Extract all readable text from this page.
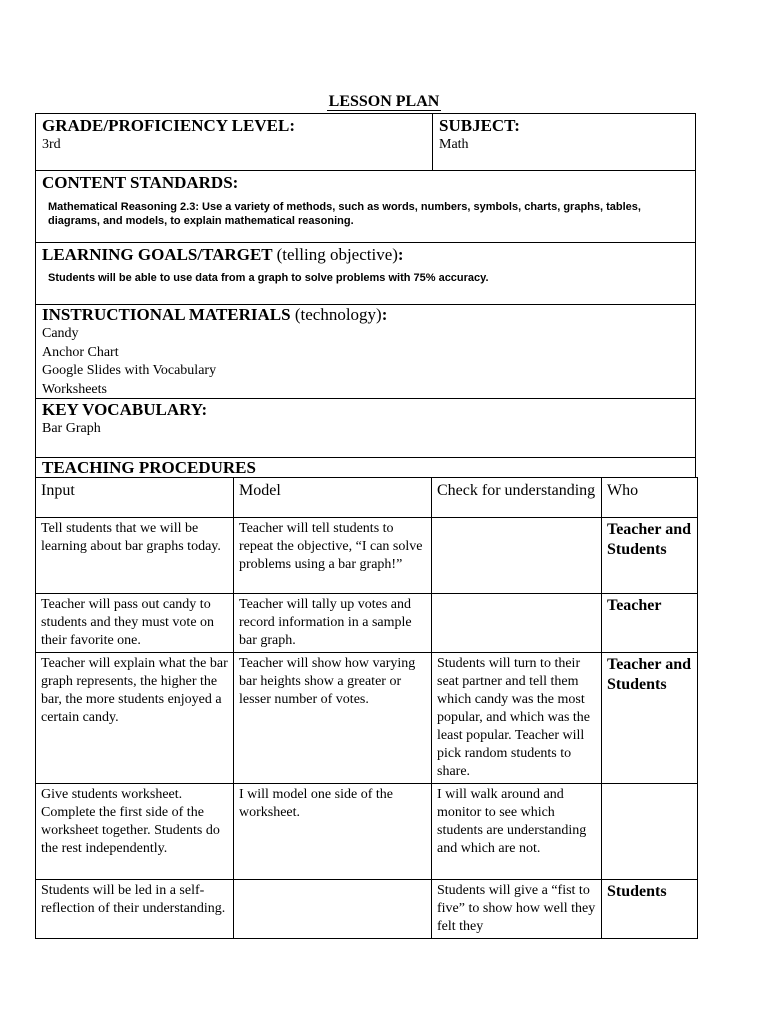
LESSON PLAN
GRADE/PROFICIENCY LEVEL:
3rd
SUBJECT:
Math
CONTENT STANDARDS:
Mathematical Reasoning 2.3: Use a variety of methods, such as words, numbers, symbols, charts, graphs, tables, diagrams, and models, to explain mathematical reasoning.
LEARNING GOALS/TARGET (telling objective):
Students will be able to use data from a graph to solve problems with 75% accuracy.
INSTRUCTIONAL MATERIALS (technology):
Candy
Anchor Chart
Google Slides with Vocabulary
Worksheets
KEY VOCABULARY:
Bar Graph
TEACHING PROCEDURES
Input	Model	Check for understanding	Who
Tell students that we will be learning about bar graphs today.	Teacher will tell students to repeat the objective, “I can solve problems using a bar graph!”		Teacher and Students
Teacher will pass out candy to students and they must vote on their favorite one.	Teacher will tally up votes and record information in a sample bar graph.		Teacher
Teacher will explain what the bar graph represents, the higher the bar, the more students enjoyed a certain candy.	Teacher will show how varying bar heights show a greater or lesser number of votes.	Students will turn to their seat partner and tell them which candy was the most popular, and which was the least popular. Teacher will pick random students to share.	Teacher and Students
Give students worksheet. Complete the first side of the worksheet together. Students do the rest independently.	I will model one side of the worksheet.	I will walk around and monitor to see which students are understanding and which are not.	
Students will be led in a self-reflection of their understanding.		Students will give a “fist to five” to show how well they felt they	Students
